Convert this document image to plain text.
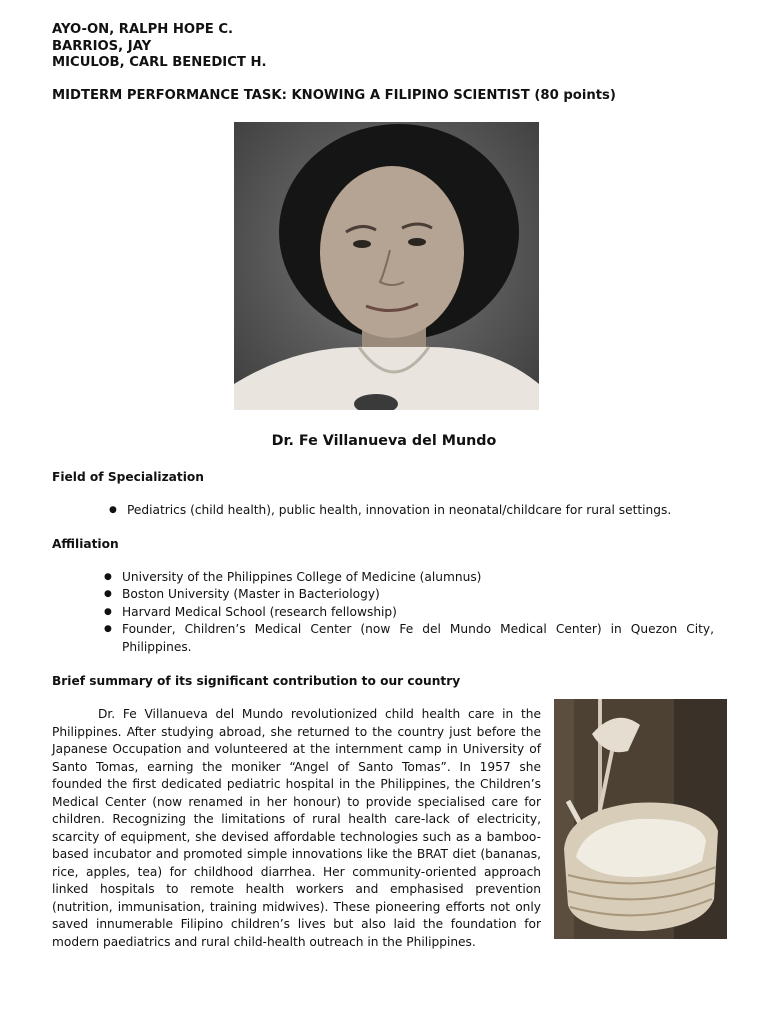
AYO-ON, RALPH HOPE C.
BARRIOS, JAY
MICULOB, CARL BENEDICT H.
MIDTERM PERFORMANCE TASK: KNOWING A FILIPINO SCIENTIST (80 points)
Dr. Fe Villanueva del Mundo
Field of Specialization
● Pediatrics (child health), public health, innovation in neonatal/childcare for rural settings.
Affiliation
● University of the Philippines College of Medicine (alumnus)
● Boston University (Master in Bacteriology)
● Harvard Medical School (research fellowship)
● Founder, Children’s Medical Center (now Fe del Mundo Medical Center) in Quezon City, Philippines.
Brief summary of its significant contribution to our country

Dr. Fe Villanueva del Mundo revolutionized child health care in the Philippines. After studying abroad, she returned to the country just before the Japanese Occupation and volunteered at the internment camp in University of Santo Tomas, earning the moniker “Angel of Santo Tomas”. In 1957 she founded the first dedicated pediatric hospital in the Philippines, the Children’s Medical Center (now renamed in her honour) to provide specialised care for children. Recognizing the limitations of rural health care-lack of electricity, scarcity of equipment, she devised affordable technologies such as a bamboo-based incubator and promoted simple innovations like the BRAT diet (bananas, rice, apples, tea) for childhood diarrhea. Her community-oriented approach linked hospitals to remote health workers and emphasised prevention (nutrition, immunisation, training midwives). These pioneering efforts not only saved innumerable Filipino children’s lives but also laid the foundation for modern paediatrics and rural child-health outreach in the Philippines.
